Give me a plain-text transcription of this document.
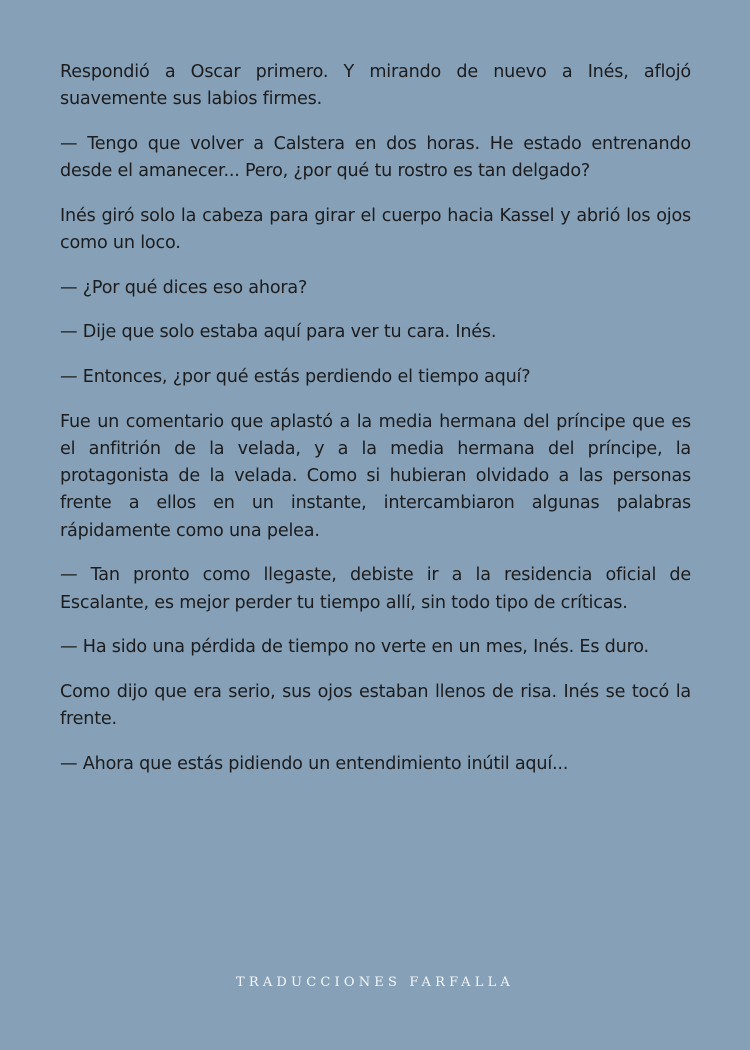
Respondió a Oscar primero. Y mirando de nuevo a Inés, aflojó suavemente sus labios firmes.

— Tengo que volver a Calstera en dos horas. He estado entrenando desde el amanecer... Pero, ¿por qué tu rostro es tan delgado?

Inés giró solo la cabeza para girar el cuerpo hacia Kassel y abrió los ojos como un loco.

— ¿Por qué dices eso ahora?

— Dije que solo estaba aquí para ver tu cara. Inés.

— Entonces, ¿por qué estás perdiendo el tiempo aquí?

Fue un comentario que aplastó a la media hermana del príncipe que es el anfitrión de la velada, y a la media hermana del príncipe, la protagonista de la velada. Como si hubieran olvidado a las personas frente a ellos en un instante, intercambiaron algunas palabras rápidamente como una pelea.

— Tan pronto como llegaste, debiste ir a la residencia oficial de Escalante, es mejor perder tu tiempo allí, sin todo tipo de críticas.

— Ha sido una pérdida de tiempo no verte en un mes, Inés. Es duro.

Como dijo que era serio, sus ojos estaban llenos de risa. Inés se tocó la frente.

— Ahora que estás pidiendo un entendimiento inútil aquí...

TRADUCCIONES FARFALLA
